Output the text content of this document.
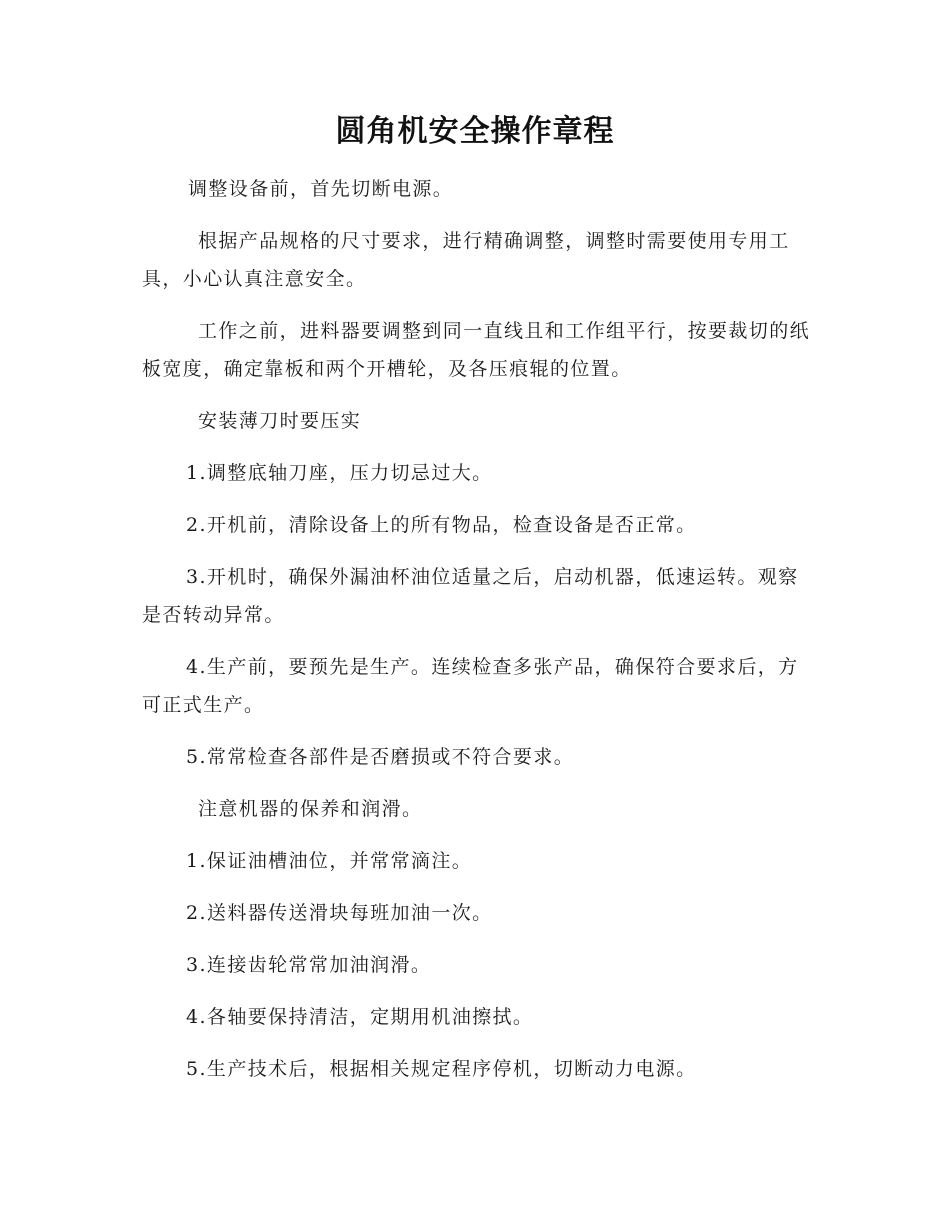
圆角机安全操作章程

调整设备前，首先切断电源。

根据产品规格的尺寸要求，进行精确调整，调整时需要使用专用工具，小心认真注意安全。

工作之前，进料器要调整到同一直线且和工作组平行，按要裁切的纸板宽度，确定靠板和两个开槽轮，及各压痕辊的位置。

安装薄刀时要压实

1.调整底轴刀座，压力切忌过大。

2.开机前，清除设备上的所有物品，检查设备是否正常。

3.开机时，确保外漏油杯油位适量之后，启动机器，低速运转。观察是否转动异常。

4.生产前，要预先是生产。连续检查多张产品，确保符合要求后，方可正式生产。

5.常常检查各部件是否磨损或不符合要求。

注意机器的保养和润滑。

1.保证油槽油位，并常常滴注。

2.送料器传送滑块每班加油一次。

3.连接齿轮常常加油润滑。

4.各轴要保持清洁，定期用机油擦拭。

5.生产技术后，根据相关规定程序停机，切断动力电源。
